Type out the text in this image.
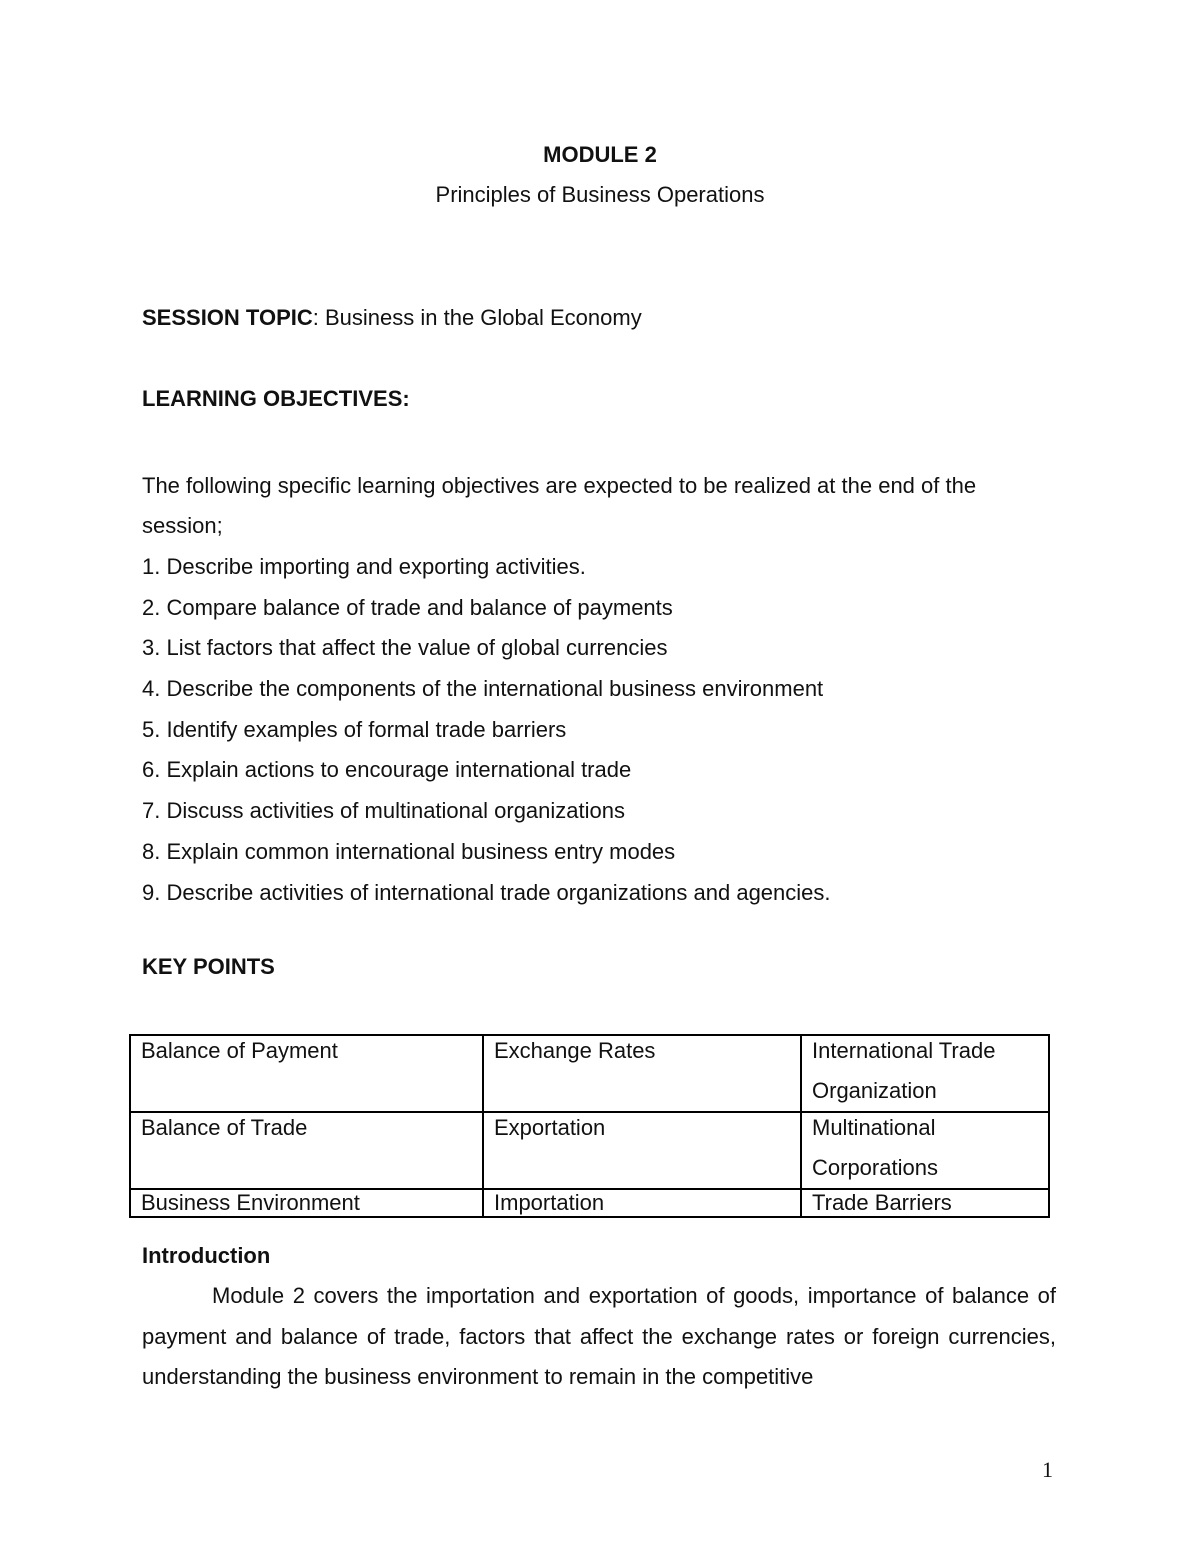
MODULE 2
Principles of Business Operations
SESSION TOPIC: Business in the Global Economy
LEARNING OBJECTIVES:
The following specific learning objectives are expected to be realized at the end of the session;
1. Describe importing and exporting activities.
2. Compare balance of trade and balance of payments
3. List factors that affect the value of global currencies
4. Describe the components of the international business environment
5. Identify examples of formal trade barriers
6. Explain actions to encourage international trade
7. Discuss activities of multinational organizations
8. Explain common international business entry modes
9. Describe activities of international trade organizations and agencies.
KEY POINTS
Balance of Payment	Exchange Rates	International Trade Organization

Balance of Trade	Exportation	Multinational Corporations

Business Environment	Importation	Trade Barriers
Introduction

Module 2 covers the importation and exportation of goods, importance of balance of payment and balance of trade, factors that affect the exchange rates or foreign currencies, understanding the business environment to remain in the competitive

1
